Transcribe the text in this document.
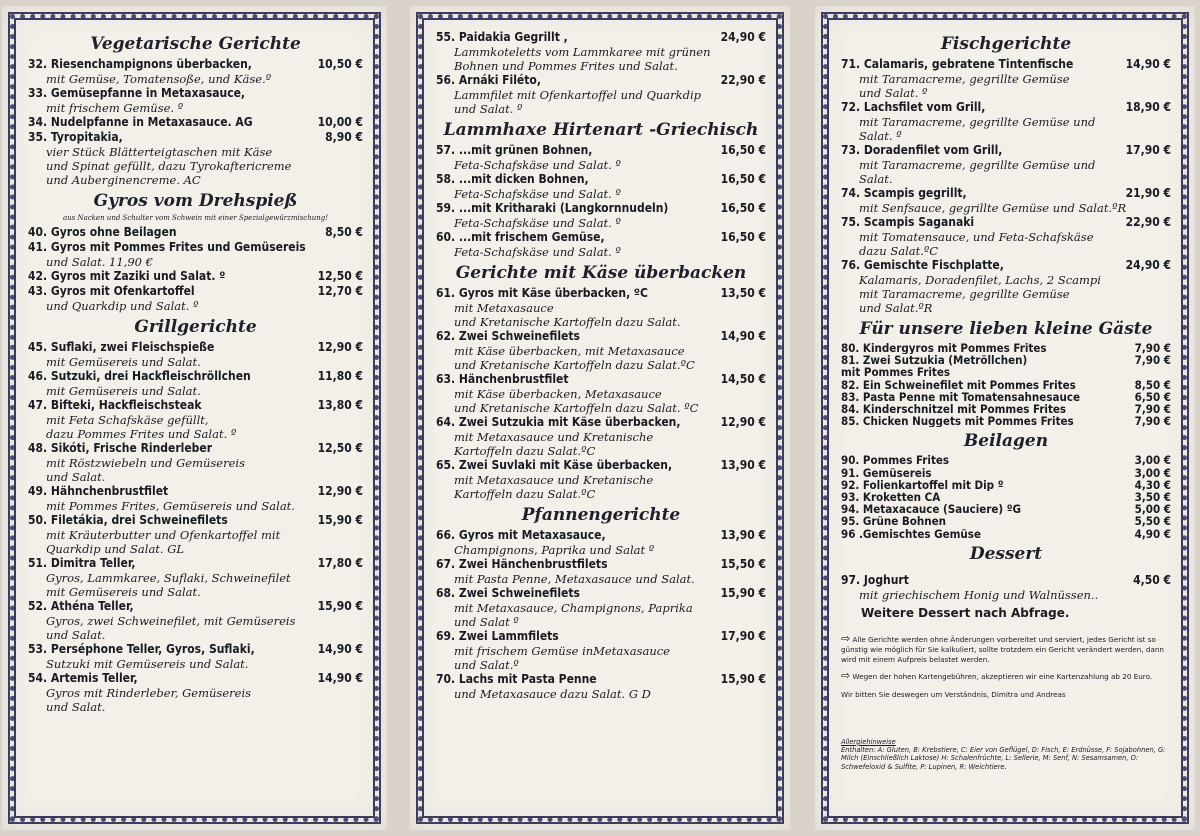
Vegetarische Gerichte
32. Riesenchampignons überbacken,	10,50 €
mit Gemüse, Tomatensoße, und Käse.º
33. Gemüsepfanne in Metaxasauce,
mit frischem Gemüse. º
34. Nudelpfanne in Metaxasauce. AG	10,00 €
35. Tyropitakia,	8,90 €
vier Stück Blätterteigtaschen mit Käse
und Spinat gefüllt, dazu Tyrokaftericreme
und Auberginencreme. AC
Gyros vom Drehspieß
aus Nacken und Schulter vom Schwein mit einer Spezialgewürzmischung!
40. Gyros ohne Beilagen	8,50 €
41. Gyros mit Pommes Frites und Gemüsereis
und Salat. 11,90 €
42. Gyros mit Zaziki und Salat. º	12,50 €
43. Gyros mit Ofenkartoffel	12,70 €
und Quarkdip und Salat. º
Grillgerichte
45. Suflaki, zwei Fleischspieße	12,90 €
mit Gemüsereis und Salat.
46. Sutzuki, drei Hackfleischröllchen	11,80 €
mit Gemüsereis und Salat.
47. Bifteki, Hackfleischsteak	13,80 €
mit Feta Schafskäse gefüllt,
dazu Pommes Frites und Salat. º
48. Sikóti, Frische Rinderleber	12,50 €
mit Röstzwiebeln und Gemüsereis
und Salat.
49. Hähnchenbrustfilet	12,90 €
mit Pommes Frites, Gemüsereis und Salat.
50. Filetákia, drei Schweinefilets	15,90 €
mit Kräuterbutter und Ofenkartoffel mit
Quarkdip und Salat. GL
51. Dimitra Teller,	17,80 €
Gyros, Lammkaree, Suflaki, Schweinefilet
mit Gemüsereis und Salat.
52. Athéna Teller,	15,90 €
Gyros, zwei Schweinefilet, mit Gemüsereis
und Salat.
53. Perséphone Teller, Gyros, Suflaki,	14,90 €
Sutzuki mit Gemüsereis und Salat.
54. Artemis Teller,	14,90 €
Gyros mit Rinderleber, Gemüsereis
und Salat.
55. Paidakia Gegrillt ,	24,90 €
Lammkoteletts vom Lammkaree mit grünen
Bohnen und Pommes Frites und Salat.
56. Arnáki Filéto,	22,90 €
Lammfilet mit Ofenkartoffel und Quarkdip
und Salat. º
Lammhaxe Hirtenart -Griechisch
57. ...mit grünen Bohnen,	16,50 €
Feta-Schafskäse und Salat. º
58. ...mit dicken Bohnen,	16,50 €
Feta-Schafskäse und Salat. º
59. ...mit Kritharaki (Langkornnudeln)	16,50 €
Feta-Schafskäse und Salat. º
60. ...mit frischem Gemüse,	16,50 €
Feta-Schafskäse und Salat. º
Gerichte mit Käse überbacken
61. Gyros mit Käse überbacken, ºC	13,50 €
mit Metaxasauce
und Kretanische Kartoffeln dazu Salat.
62. Zwei Schweinefilets	14,90 €
mit Käse überbacken, mit Metaxasauce
und Kretanische Kartoffeln dazu Salat.ºC
63. Hänchenbrustfilet	14,50 €
mit Käse überbacken, Metaxasauce
und Kretanische Kartoffeln dazu Salat. ºC
64. Zwei Sutzukia mit Käse überbacken,	12,90 €
mit Metaxasauce und Kretanische
Kartoffeln dazu Salat.ºC
65. Zwei Suvlaki mit Käse überbacken,	13,90 €
mit Metaxasauce und Kretanische
Kartoffeln dazu Salat.ºC
Pfannengerichte
66. Gyros mit Metaxasauce,	13,90 €
Champignons, Paprika und Salat º
67. Zwei Hänchenbrustfilets	15,50 €
mit Pasta Penne, Metaxasauce und Salat.
68. Zwei Schweinefilets	15,90 €
mit Metaxasauce, Champignons, Paprika
und Salat º
69. Zwei Lammfilets	17,90 €
mit frischem Gemüse inMetaxasauce
und Salat.º
70. Lachs mit Pasta Penne	15,90 €
und Metaxasauce dazu Salat. G D
Fischgerichte
71. Calamaris, gebratene Tintenfische	14,90 €
mit Taramacreme, gegrillte Gemüse
und Salat. º
72. Lachsfilet vom Grill,	18,90 €
mit Taramacreme, gegrillte Gemüse und Salat. º
73. Doradenfilet vom Grill,	17,90 €
mit Taramacreme, gegrillte Gemüse und Salat.
74. Scampis gegrillt,	21,90 €
mit Senfsauce, gegrillte Gemüse und Salat.ºR
75. Scampis Saganaki	22,90 €
mit Tomatensauce, und Feta-Schafskäse
dazu Salat.ºC
76. Gemischte Fischplatte,	24,90 €
Kalamaris, Doradenfilet, Lachs, 2 Scampi
mit Taramacreme, gegrillte Gemüse
und Salat.ºR
Für unsere lieben kleine Gäste
80. Kindergyros mit Pommes Frites	7,90 €
81. Zwei Sutzukia (Metröllchen)	7,90 €
mit Pommes Frites
82. Ein Schweinefilet mit Pommes Frites	8,50 €
83. Pasta Penne mit Tomatensahnesauce	6,50 €
84. Kinderschnitzel mit Pommes Frites	7,90 €
85. Chicken Nuggets mit Pommes Frites	7,90 €
Beilagen
90. Pommes Frites	3,00 €
91. Gemüsereis	3,00 €
92. Folienkartoffel mit Dip º	4,30 €
93. Kroketten CA	3,50 €
94. Metaxacauce (Sauciere) ºG	5,00 €
95. Grüne Bohnen	5,50 €
96 .Gemischtes Gemüse	4,90 €
Dessert
97. Joghurt	4,50 €
mit griechischem Honig und Walnüssen..
Weitere Dessert nach Abfrage.
⇨ Alle Gerichte werden ohne Änderungen vorbereitet und serviert, jedes Gericht ist so günstig wie möglich für Sie kalkuliert, sollte trotzdem ein Gericht verändert werden, dann wird mit einem Aufpreis belastet werden.
⇨ Wegen der hohen Kartengebühren, akzeptieren wir eine Kartenzahlung ab 20 Euro.
Wir bitten Sie deswegen um Verständnis, Dimitra und Andreas
Allergiehinweise
Enthalten: A: Gluten, B: Krebstiere, C: Eier von Geflügel, D: Fisch, E: Erdnüsse, F: Sojabohnen, G: Milch (Einschließlich Laktose) H: Schalenfrüchte, L: Sellerie, M: Senf, N: Sesamsamen, O: Schwefeloxid & Sulfite, P: Lupinen, R: Weichtiere.
